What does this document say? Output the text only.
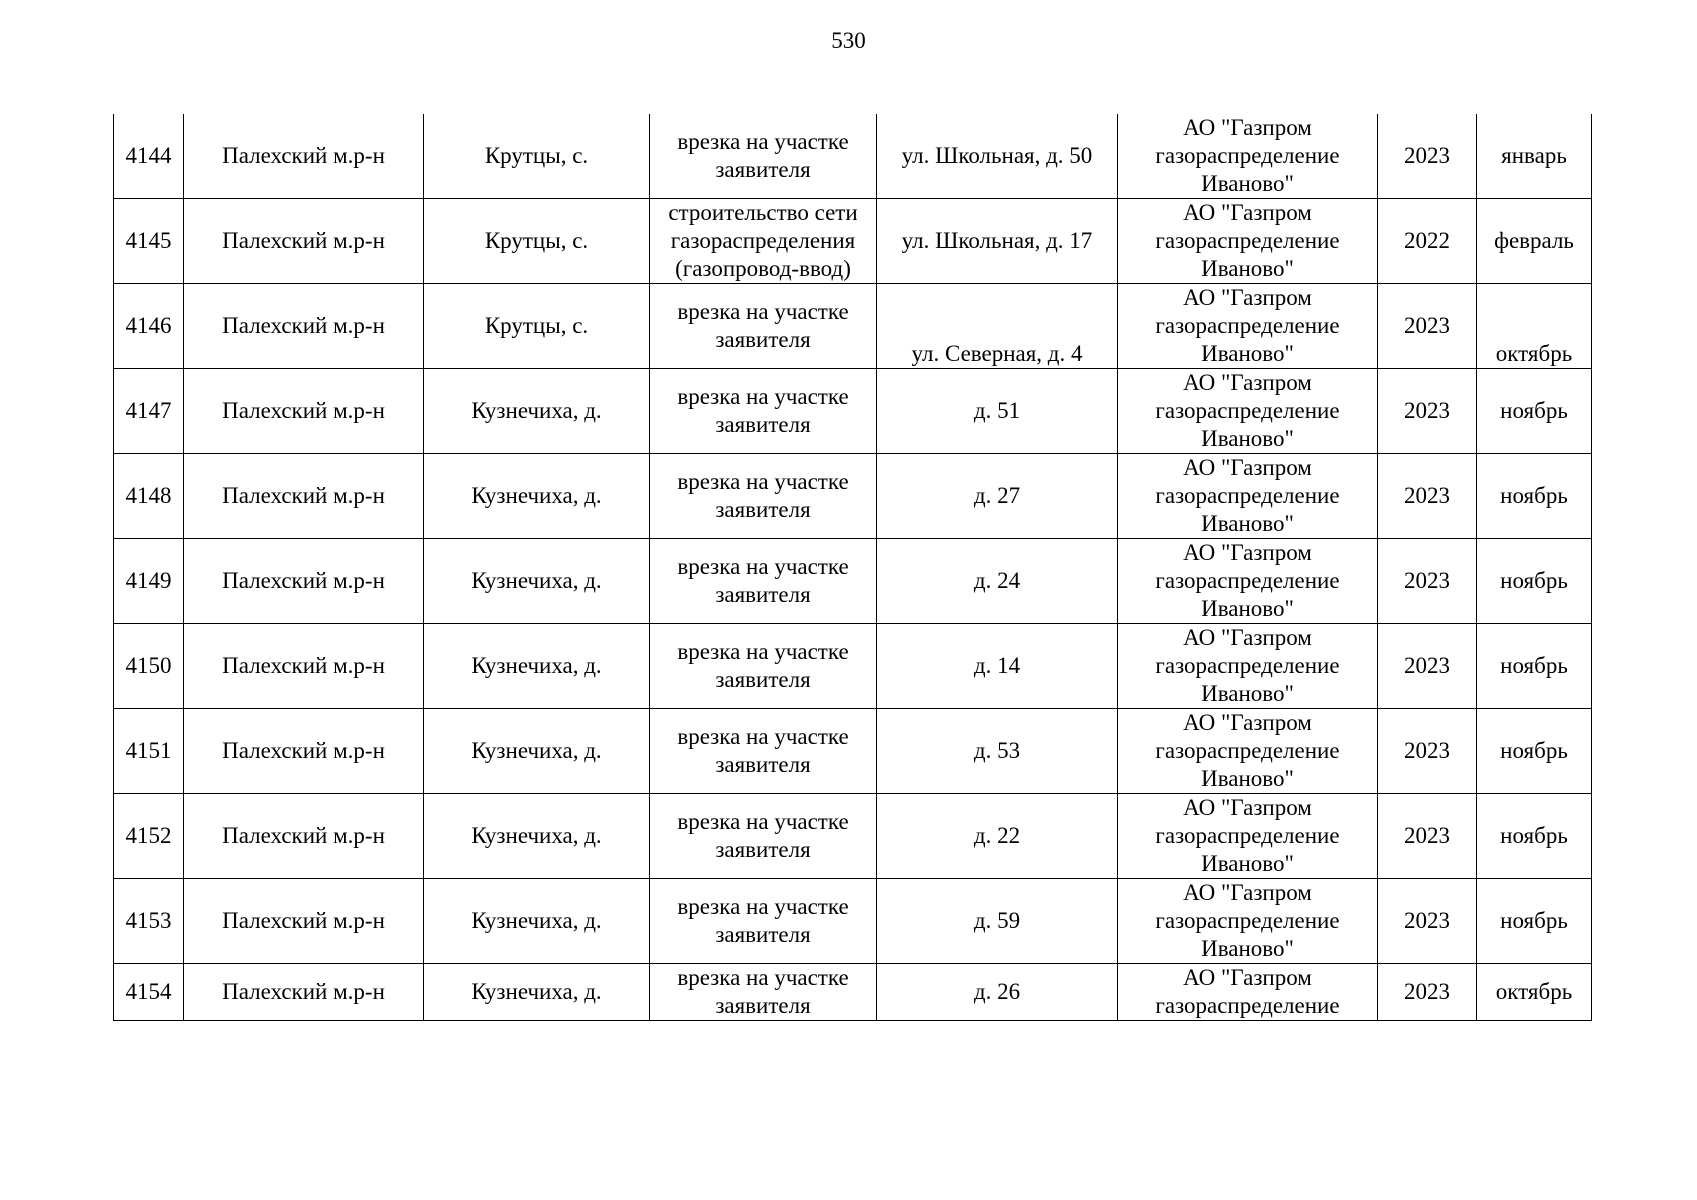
530
4144	Палехский м.р-н	Крутцы, с.	врезка на участке
заявителя	ул. Школьная, д. 50	АО "Газпром
газораспределение
Иваново"	2023	январь
4145	Палехский м.р-н	Крутцы, с.	строительство сети
газораспределения
(газопровод-ввод)	ул. Школьная, д. 17	АО "Газпром
газораспределение
Иваново"	2022	февраль
4146	Палехский м.р-н	Крутцы, с.	врезка на участке
заявителя	ул. Северная, д. 4	АО "Газпром
газораспределение
Иваново"	2023	октябрь
4147	Палехский м.р-н	Кузнечиха, д.	врезка на участке
заявителя	д. 51	АО "Газпром
газораспределение
Иваново"	2023	ноябрь
4148	Палехский м.р-н	Кузнечиха, д.	врезка на участке
заявителя	д. 27	АО "Газпром
газораспределение
Иваново"	2023	ноябрь
4149	Палехский м.р-н	Кузнечиха, д.	врезка на участке
заявителя	д. 24	АО "Газпром
газораспределение
Иваново"	2023	ноябрь
4150	Палехский м.р-н	Кузнечиха, д.	врезка на участке
заявителя	д. 14	АО "Газпром
газораспределение
Иваново"	2023	ноябрь
4151	Палехский м.р-н	Кузнечиха, д.	врезка на участке
заявителя	д. 53	АО "Газпром
газораспределение
Иваново"	2023	ноябрь
4152	Палехский м.р-н	Кузнечиха, д.	врезка на участке
заявителя	д. 22	АО "Газпром
газораспределение
Иваново"	2023	ноябрь
4153	Палехский м.р-н	Кузнечиха, д.	врезка на участке
заявителя	д. 59	АО "Газпром
газораспределение
Иваново"	2023	ноябрь
4154	Палехский м.р-н	Кузнечиха, д.	врезка на участке
заявителя	д. 26	АО "Газпром
газораспределение	2023	октябрь
